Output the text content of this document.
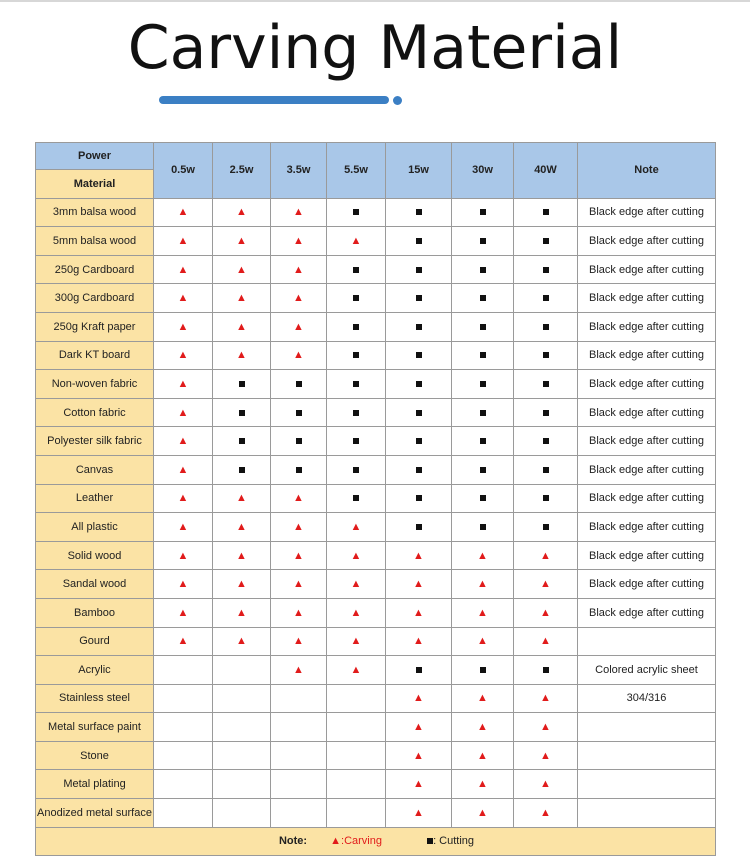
Carving Material
Power	0.5w	2.5w	3.5w	5.5w	15w	30w	40W	Note
Material								
3mm balsa wood	▲	▲	▲					Black edge after cutting
5mm balsa wood	▲	▲	▲	▲				Black edge after cutting
250g Cardboard	▲	▲	▲					Black edge after cutting
300g Cardboard	▲	▲	▲					Black edge after cutting
250g Kraft paper	▲	▲	▲					Black edge after cutting
Dark KT board	▲	▲	▲					Black edge after cutting
Non-woven fabric	▲							Black edge after cutting
Cotton fabric	▲							Black edge after cutting
Polyester silk fabric	▲							Black edge after cutting
Canvas	▲							Black edge after cutting
Leather	▲	▲	▲					Black edge after cutting
All plastic	▲	▲	▲	▲				Black edge after cutting
Solid wood	▲	▲	▲	▲	▲	▲	▲	Black edge after cutting
Sandal wood	▲	▲	▲	▲	▲	▲	▲	Black edge after cutting
Bamboo	▲	▲	▲	▲	▲	▲	▲	Black edge after cutting
Gourd	▲	▲	▲	▲	▲	▲	▲	
Acrylic			▲	▲				Colored acrylic sheet
Stainless steel					▲	▲	▲	304/316
Metal surface paint					▲	▲	▲	
Stone					▲	▲	▲	
Metal plating					▲	▲	▲	
Anodized metal surface					▲	▲	▲	
Note: ▲:Carving : Cutting								
